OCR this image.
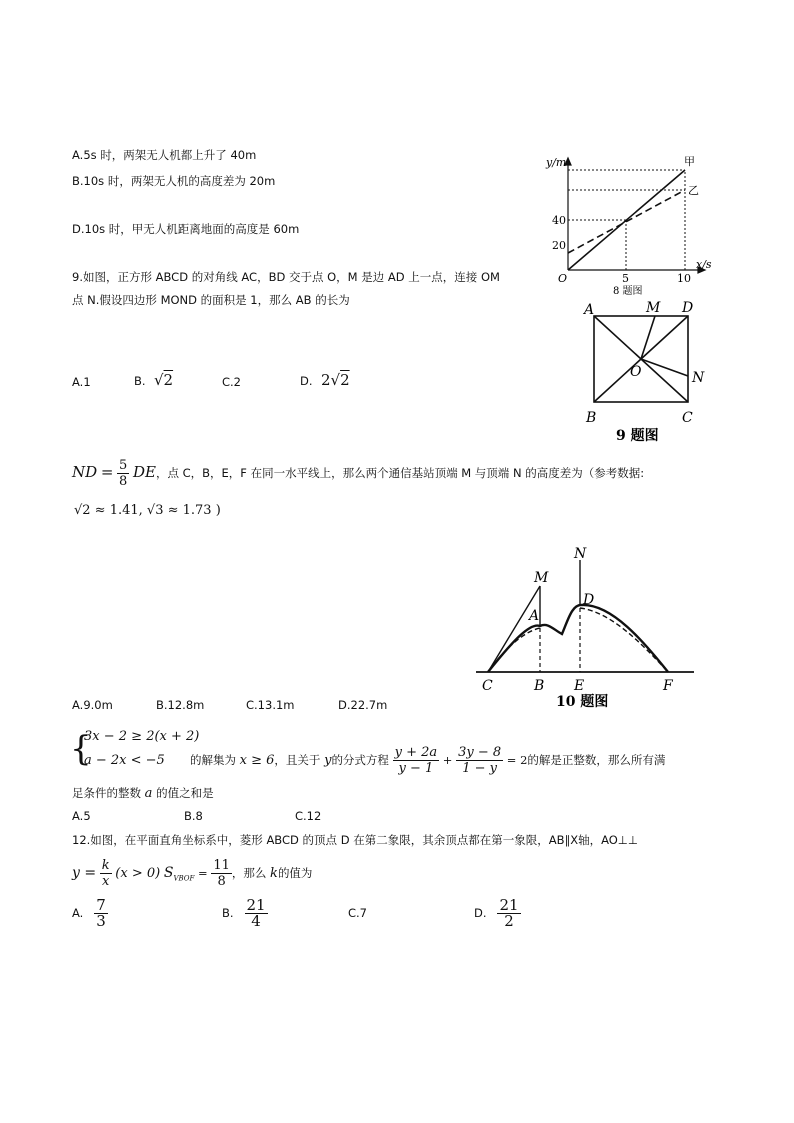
A.5s 时，两架无人机都上升了 40m
B.10s 时，两架无人机的高度差为 20m
D.10s 时，甲无人机距离地面的高度是 60m
y/m
x/s
O	5	10
20
40
甲
乙
8 题图
9.如图，正方形 ABCD 的对角线 AC，BD 交于点 O，M 是边 AD 上一点，连接 OM
点 N.假设四边形 MOND 的面积是 1，那么 AB 的长为
A.1	B.  √2	C.2	D. 2√2
A	M D
O	N
B	C
9 题图
ND = $\frac{5}{8}$ DE，点 C，B，E，F 在同一水平线上，那么两个通信基站顶端 M 与顶端 N 的高度差为（参考数据:
√2 ≈ 1.41, √3 ≈ 1.73 )
M
N
A
D
C	B E	F
10 题图
A.9.0m	B.12.8m	C.13.1m	D.22.7m
{
3x − 2 ≥ 2(x + 2)
a − 2x < −5 的解集为 x ≥ 6，且关于 y的分式方程 $\frac{y + 2a}{y - 1} + \frac{3y - 8}{1 - y} = 2$的解是正整数，那么所有满
足条件的整数 a 的值之和是
A.5	B.8	C.12
12.如图，在平面直角坐标系中，菱形 ABCD 的顶点 D 在第二象限，其余顶点都在第一象限，AB∥X轴，AO⊥⊥
$y = \frac{k}{x} (x > 0) S_{VBOF} = \frac{11}{8}$ ，那么 k的值为
A. $\frac{7}{3}$	B. $\frac{21}{4}$	C.7	D. $\frac{21}{2}$
